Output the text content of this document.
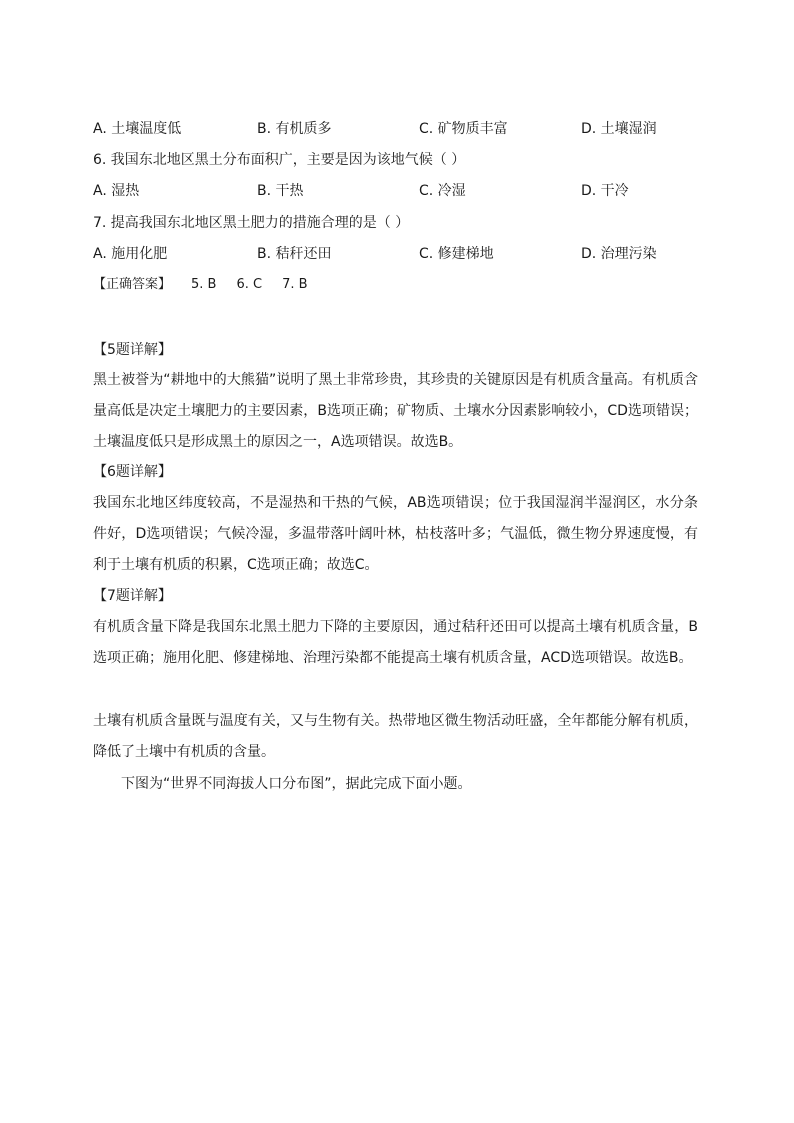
A. 土壤温度低	B. 有机质多	C. 矿物质丰富	D. 土壤湿润
6. 我国东北地区黑土分布面积广，主要是因为该地气候（ ）
A. 湿热	B. 干热	C. 冷湿	D. 干冷
7. 提高我国东北地区黑土肥力的措施合理的是（ ）
A. 施用化肥	B. 秸秆还田	C. 修建梯地	D. 治理污染
【正确答案】 5. B 6. C 7. B
【5题详解】
黑土被誉为“耕地中的大熊猫”说明了黑土非常珍贵，其珍贵的关键原因是有机质含量高。有机质含量高低是决定土壤肥力的主要因素，B选项正确；矿物质、土壤水分因素影响较小，CD选项错误；土壤温度低只是形成黑土的原因之一，A选项错误。故选B。
【6题详解】
我国东北地区纬度较高，不是湿热和干热的气候，AB选项错误；位于我国湿润半湿润区，水分条件好，D选项错误；气候冷湿，多温带落叶阔叶林，枯枝落叶多；气温低，微生物分界速度慢，有利于土壤有机质的积累，C选项正确；故选C。
【7题详解】
有机质含量下降是我国东北黑土肥力下降的主要原因，通过秸秆还田可以提高土壤有机质含量，B选项正确；施用化肥、修建梯地、治理污染都不能提高土壤有机质含量，ACD选项错误。故选B。
土壤有机质含量既与温度有关，又与生物有关。热带地区微生物活动旺盛，全年都能分解有机质，降低了土壤中有机质的含量。
下图为“世界不同海拔人口分布图”，据此完成下面小题。
